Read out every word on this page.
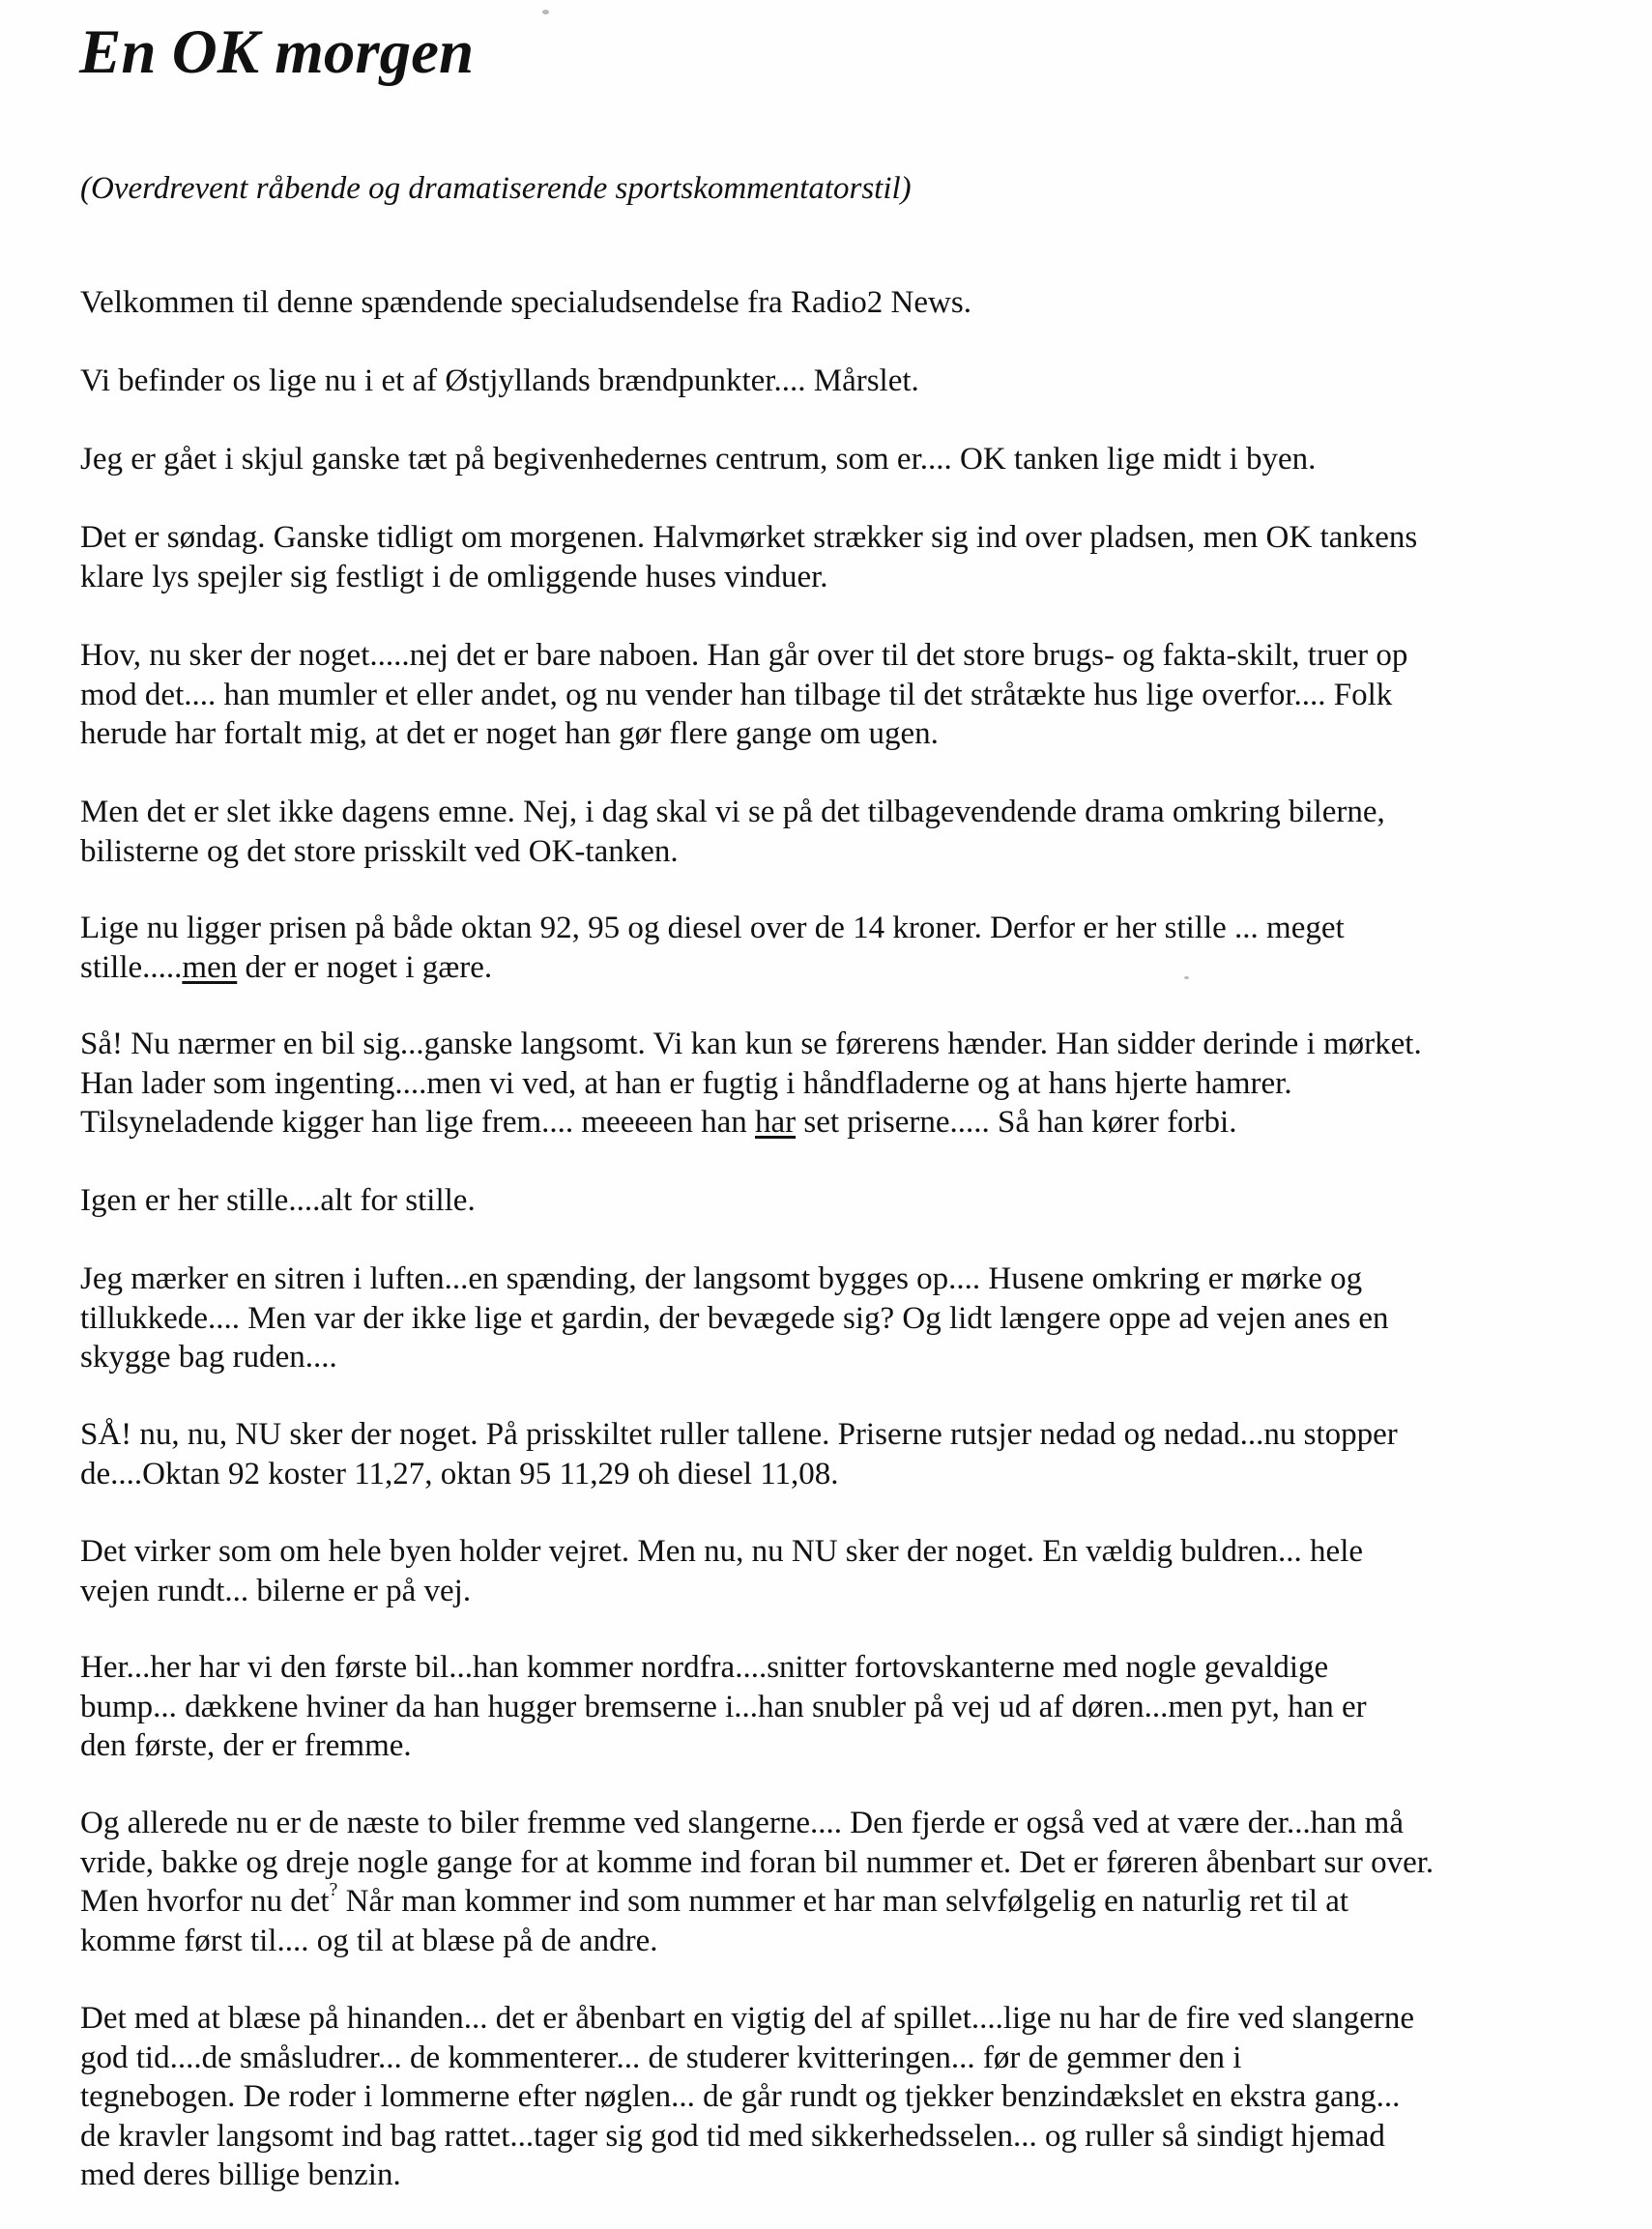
En OK morgen

(Overdrevent råbende og dramatiserende sportskommentatorstil)

Velkommen til denne spændende specialudsendelse fra Radio2 News.

Vi befinder os lige nu i et af Østjyllands brændpunkter.... Mårslet.

Jeg er gået i skjul ganske tæt på begivenhedernes centrum, som er.... OK tanken lige midt i byen.

Det er søndag. Ganske tidligt om morgenen. Halvmørket strækker sig ind over pladsen, men OK tankens
klare lys spejler sig festligt i de omliggende huses vinduer.

Hov, nu sker der noget.....nej det er bare naboen. Han går over til det store brugs- og fakta-skilt, truer op
mod det.... han mumler et eller andet, og nu vender han tilbage til det stråtækte hus lige overfor.... Folk
herude har fortalt mig, at det er noget han gør flere gange om ugen.

Men det er slet ikke dagens emne. Nej, i dag skal vi se på det tilbagevendende drama omkring bilerne,
bilisterne og det store prisskilt ved OK-tanken.

Lige nu ligger prisen på både oktan 92, 95 og diesel over de 14 kroner. Derfor er her stille ... meget
stille.....men der er noget i gære.

Så! Nu nærmer en bil sig...ganske langsomt. Vi kan kun se førerens hænder. Han sidder derinde i mørket.
Han lader som ingenting....men vi ved, at han er fugtig i håndfladerne og at hans hjerte hamrer.
Tilsyneladende kigger han lige frem.... meeeeen han har set priserne..... Så han kører forbi.

Igen er her stille....alt for stille.

Jeg mærker en sitren i luften...en spænding, der langsomt bygges op.... Husene omkring er mørke og
tillukkede.... Men var der ikke lige et gardin, der bevægede sig? Og lidt længere oppe ad vejen anes en
skygge bag ruden....

SÅ! nu, nu, NU sker der noget. På prisskiltet ruller tallene. Priserne rutsjer nedad og nedad...nu stopper
de....Oktan 92 koster 11,27, oktan 95 11,29 oh diesel 11,08.

Det virker som om hele byen holder vejret. Men nu, nu NU sker der noget. En vældig buldren... hele
vejen rundt... bilerne er på vej.

Her...her har vi den første bil...han kommer nordfra....snitter fortovskanterne med nogle gevaldige
bump... dækkene hviner da han hugger bremserne i...han snubler på vej ud af døren...men pyt, han er
den første, der er fremme.

Og allerede nu er de næste to biler fremme ved slangerne.... Den fjerde er også ved at være der...han må
vride, bakke og dreje nogle gange for at komme ind foran bil nummer et. Det er føreren åbenbart sur over.
Men hvorfor nu det? Når man kommer ind som nummer et har man selvfølgelig en naturlig ret til at
komme først til.... og til at blæse på de andre.

Det med at blæse på hinanden... det er åbenbart en vigtig del af spillet....lige nu har de fire ved slangerne
god tid....de småsludrer... de kommenterer... de studerer kvitteringen... før de gemmer den i
tegnebogen. De roder i lommerne efter nøglen... de går rundt og tjekker benzindækslet en ekstra gang...
de kravler langsomt ind bag rattet...tager sig god tid med sikkerhedsselen... og ruller så sindigt hjemad
med deres billige benzin.
